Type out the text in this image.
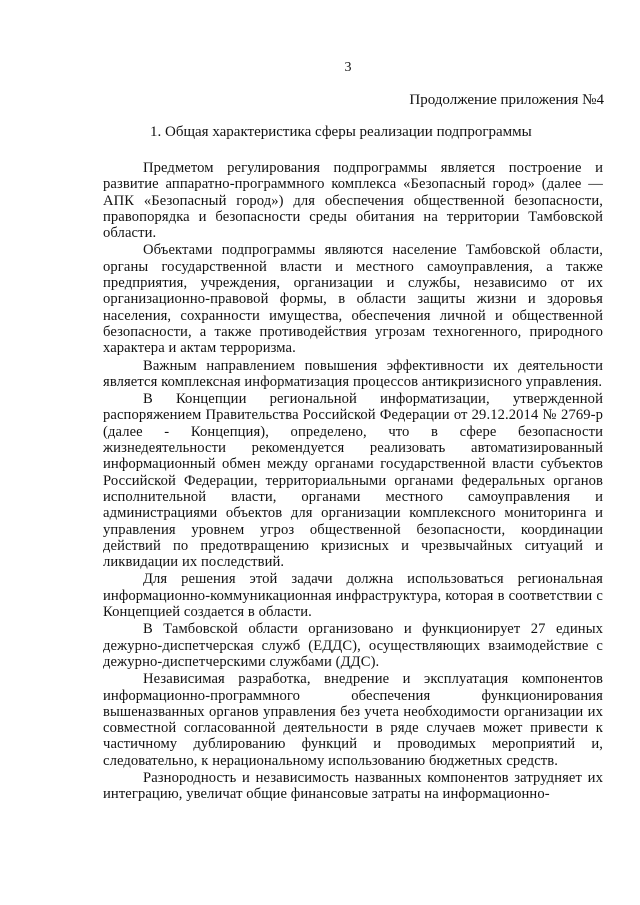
3
Продолжение приложения №4
1. Общая характеристика сферы реализации подпрограммы

Предметом регулирования подпрограммы является построение и развитие аппаратно-программного комплекса «Безопасный город» (далее — АПК «Безопасный город») для обеспечения общественной безопасности, правопорядка и безопасности среды обитания на территории Тамбовской области.

Объектами подпрограммы являются население Тамбовской области, органы государственной власти и местного самоуправления, а также предприятия, учреждения, организации и службы, независимо от их организационно-правовой формы, в области защиты жизни и здоровья населения, сохранности имущества, обеспечения личной и общественной безопасности, а также противодействия угрозам техногенного, природного характера и актам терроризма.

Важным направлением повышения эффективности их деятельности является комплексная информатизация процессов антикризисного управления.

В Концепции региональной информатизации, утвержденной распоряжением Правительства Российской Федерации от 29.12.2014 № 2769-р (далее - Концепция), определено, что в сфере безопасности жизнедеятельности рекомендуется реализовать автоматизированный информационный обмен между органами государственной власти субъектов Российской Федерации, территориальными органами федеральных органов исполнительной власти, органами местного самоуправления и администрациями объектов для организации комплексного мониторинга и управления уровнем угроз общественной безопасности, координации действий по предотвращению кризисных и чрезвычайных ситуаций и ликвидации их последствий.

Для решения этой задачи должна использоваться региональная информационно-коммуникационная инфраструктура, которая в соответствии с Концепцией создается в области.

В Тамбовской области организовано и функционирует 27 единых дежурно-диспетчерская служб (ЕДДС), осуществляющих взаимодействие с дежурно-диспетчерскими службами (ДДС).

Независимая разработка, внедрение и эксплуатация компонентов информационно-программного обеспечения функционирования вышеназванных органов управления без учета необходимости организации их совместной согласованной деятельности в ряде случаев может привести к частичному дублированию функций и проводимых мероприятий и, следовательно, к нерациональному использованию бюджетных средств.

Разнородность и независимость названных компонентов затрудняет их интеграцию, увеличат общие финансовые затраты на информационно-
